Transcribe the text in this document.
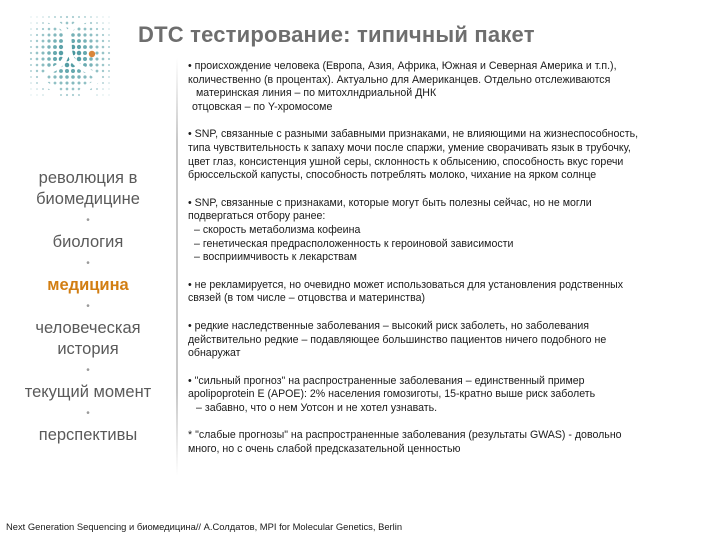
DTC тестирование: типичный пакет
революция в
биомедицине
•
биология
•
медицина
•
человеческая
история
•
текущий момент
•
перспективы
• происхождение человека (Европа, Азия, Африка, Южная и Северная Америка и т.п.),
количественно (в процентах). Актуально для Американцев. Отдельно отслеживаются
материнская линия – по митохлндриальной ДНК
отцовская – по Y-хромосоме
• SNP, связанные с разными забавными признаками, не влияющими на жизнеспособность,
типа чувствительность к запаху мочи после спаржи, умение сворачивать язык в трубочку,
цвет глаз, консистенция ушной серы, склонность к облысению, способность вкус горечи
брюссельской капусты, способность потреблять молоко, чихание на ярком солнце
• SNP, связанные с признаками, которые могут быть полезны сейчас, но не могли
подвергаться отбору ранее:
– скорость метаболизма кофеина
– генетическая предрасположенность к героиновой зависимости
– восприимчивость к лекарствам
• не рекламируется, но очевидно может использоваться для установления родственных
связей (в том числе – отцовства и материнства)
• редкие наследственные заболевания – высокий риск заболеть, но заболевания
действительно редкие – подавляющее большинство пациентов ничего подобного не
обнаружат
• "сильный прогноз" на распространенные заболевания – единственный пример
apolipoprotein E (APOE): 2% населения гомозиготы, 15-кратно выше риск заболеть
– забавно, что о нем Уотсон и не хотел узнавать.
* "слабые прогнозы" на распространенные заболевания (результаты GWAS) - довольно
много, но с очень слабой предсказательной ценностью
Next Generation Sequencing и биомедицина// А.Солдатов, MPI for Molecular Genetics, Berlin
